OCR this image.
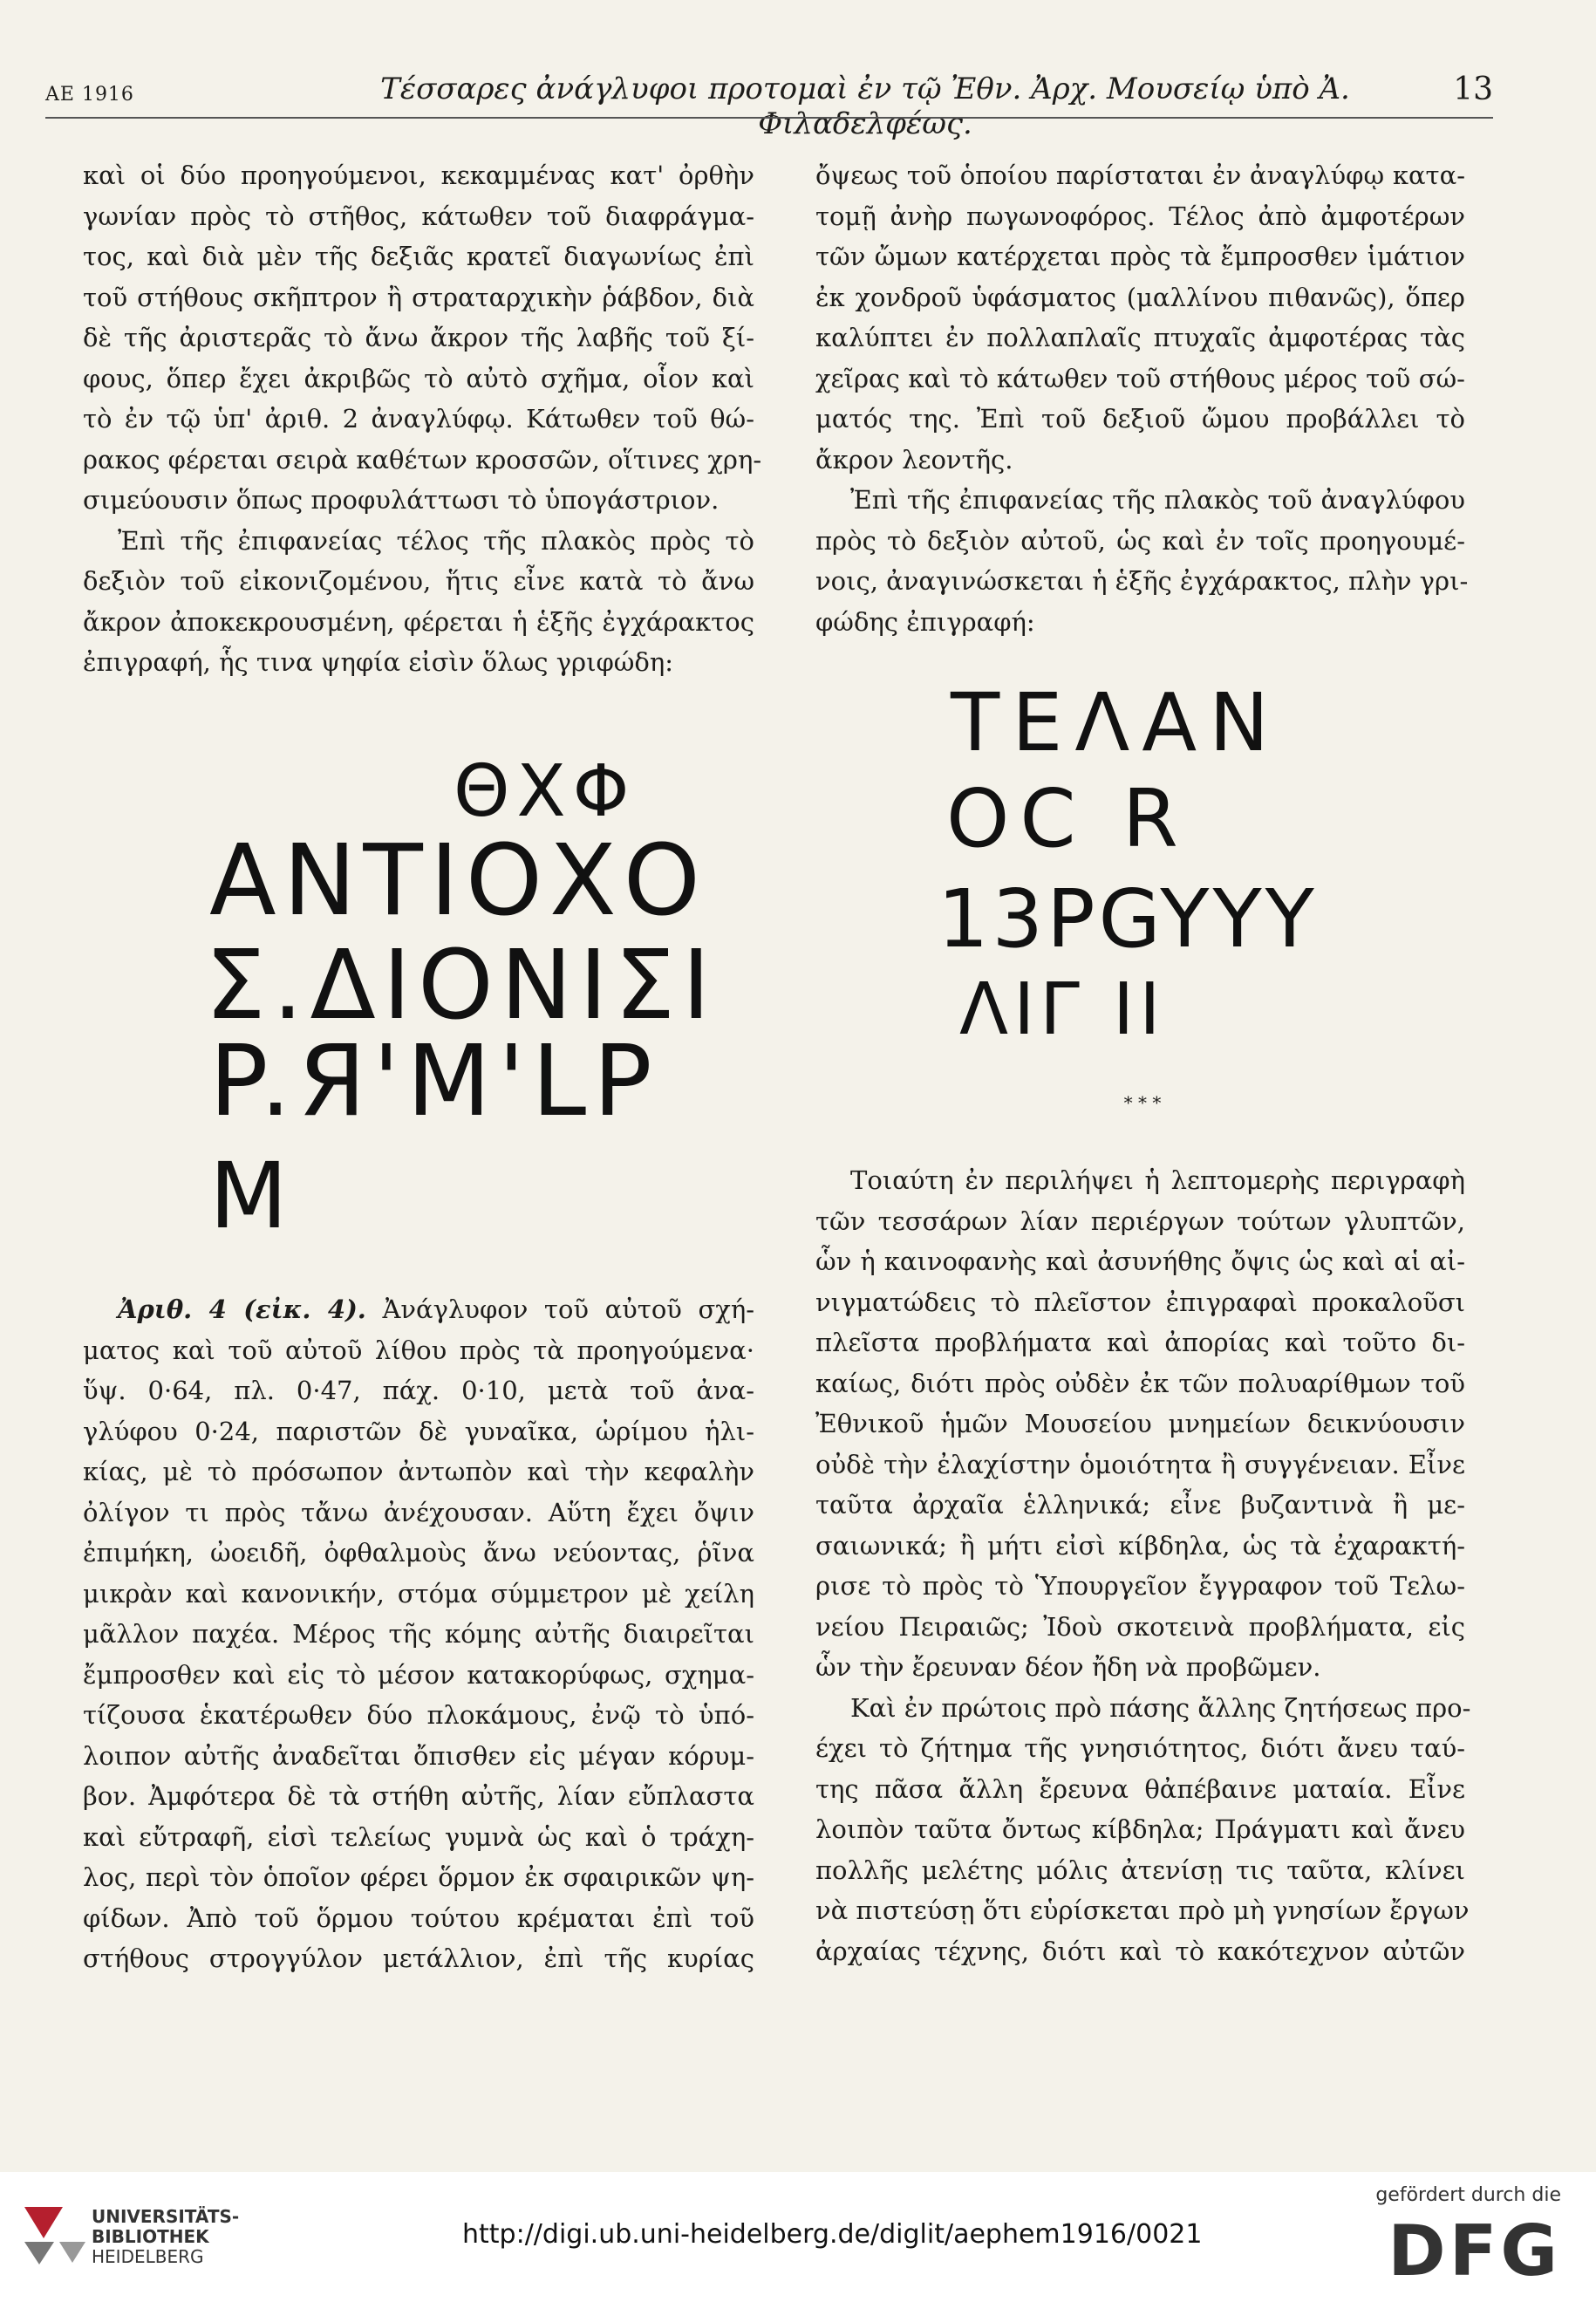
ΑΕ 1916	Τέσσαρες ἀνάγλυφοι προτομαὶ ἐν τῷ Ἐθν. Ἀρχ. Μουσείῳ ὑπὸ Ἀ. Φιλαδελφέως.
13

καὶ οἱ δύο προηγούμενοι, κεκαμμένας κατ' ὀρθὴν

γωνίαν πρὸς τὸ στῆθος, κάτωθεν τοῦ διαφράγμα-

τος, καὶ διὰ μὲν τῆς δεξιᾶς κρατεῖ διαγωνίως ἐπὶ

τοῦ στήθους σκῆπτρον ἢ στραταρχικὴν ῥάβδον, διὰ

δὲ τῆς ἀριστερᾶς τὸ ἄνω ἄκρον τῆς λαβῆς τοῦ ξί-

φους, ὅπερ ἔχει ἀκριβῶς τὸ αὐτὸ σχῆμα, οἷον καὶ

τὸ ἐν τῷ ὑπ' ἀριθ. 2 ἀναγλύφῳ. Κάτωθεν τοῦ θώ-

ρακος φέρεται σειρὰ καθέτων κροσσῶν, οἵτινες χρη-

σιμεύουσιν ὅπως προφυλάττωσι τὸ ὑπογάστριον.

Ἐπὶ τῆς ἐπιφανείας τέλος τῆς πλακὸς πρὸς τὸ

δεξιὸν τοῦ εἰκονιζομένου, ἥτις εἶνε κατὰ τὸ ἄνω

ἄκρον ἀποκεκρουσμένη, φέρεται ἡ ἑξῆς ἐγχάρακτος

ἐπιγραφή, ἧς τινα ψηφία εἰσὶν ὅλως γριφώδη:

ΘΧΦ
ΑΝΤΙΟΧΟ
Σ.ΔΙΟΝΙΣΙ
P.Я'M'LP
M

Ἀριθ. 4 (εἰκ. 4). Ἀνάγλυφον τοῦ αὐτοῦ σχή-

ματος καὶ τοῦ αὐτοῦ λίθου πρὸς τὰ προηγούμενα·

ὕψ. 0·64, πλ. 0·47, πάχ. 0·10, μετὰ τοῦ ἀνα-

γλύφου 0·24, παριστῶν δὲ γυναῖκα, ὡρίμου ἡλι-

κίας, μὲ τὸ πρόσωπον ἀντωπὸν καὶ τὴν κεφαλὴν

ὀλίγον τι πρὸς τἄνω ἀνέχουσαν. Αὕτη ἔχει ὄψιν

ἐπιμήκη, ὠοειδῆ, ὀφθαλμοὺς ἄνω νεύοντας, ῥῖνα

μικρὰν καὶ κανονικήν, στόμα σύμμετρον μὲ χείλη

μᾶλλον παχέα. Μέρος τῆς κόμης αὐτῆς διαιρεῖται

ἔμπροσθεν καὶ εἰς τὸ μέσον κατακορύφως, σχημα-

τίζουσα ἑκατέρωθεν δύο πλοκάμους, ἐνῷ τὸ ὑπό-

λοιπον αὐτῆς ἀναδεῖται ὄπισθεν εἰς μέγαν κόρυμ-

βον. Ἀμφότερα δὲ τὰ στήθη αὐτῆς, λίαν εὔπλαστα

καὶ εὔτραφῆ, εἰσὶ τελείως γυμνὰ ὡς καὶ ὁ τράχη-

λος, περὶ τὸν ὁποῖον φέρει ὅρμον ἐκ σφαιρικῶν ψη-

φίδων. Ἀπὸ τοῦ ὅρμου τούτου κρέμαται ἐπὶ τοῦ

στήθους στρογγύλον μετάλλιον, ἐπὶ τῆς κυρίας

ὄψεως τοῦ ὁποίου παρίσταται ἐν ἀναγλύφῳ κατα-

τομῇ ἀνὴρ πωγωνοφόρος. Τέλος ἀπὸ ἀμφοτέρων

τῶν ὤμων κατέρχεται πρὸς τὰ ἔμπροσθεν ἱμάτιον

ἐκ χονδροῦ ὑφάσματος (μαλλίνου πιθανῶς), ὅπερ

καλύπτει ἐν πολλαπλαῖς πτυχαῖς ἀμφοτέρας τὰς

χεῖρας καὶ τὸ κάτωθεν τοῦ στήθους μέρος τοῦ σώ-

ματός της. Ἐπὶ τοῦ δεξιοῦ ὤμου προβάλλει τὸ

ἄκρον λεοντῆς.

Ἐπὶ τῆς ἐπιφανείας τῆς πλακὸς τοῦ ἀναγλύφου

πρὸς τὸ δεξιὸν αὐτοῦ, ὡς καὶ ἐν τοῖς προηγουμέ-

νοις, ἀναγινώσκεται ἡ ἑξῆς ἐγχάρακτος, πλὴν γρι-

φώδης ἐπιγραφή:

ΤΕΛΑΝ
ΟC R
13PGYYY
ΛΙΓ ΙΙ
* * *

Τοιαύτη ἐν περιλήψει ἡ λεπτομερὴς περιγραφὴ

τῶν τεσσάρων λίαν περιέργων τούτων γλυπτῶν,

ὧν ἡ καινοφανὴς καὶ ἀσυνήθης ὄψις ὡς καὶ αἱ αἰ-

νιγματώδεις τὸ πλεῖστον ἐπιγραφαὶ προκαλοῦσι

πλεῖστα προβλήματα καὶ ἀπορίας καὶ τοῦτο δι-

καίως, διότι πρὸς οὐδὲν ἐκ τῶν πολυαρίθμων τοῦ

Ἐθνικοῦ ἡμῶν Μουσείου μνημείων δεικνύουσιν

οὐδὲ τὴν ἐλαχίστην ὁμοιότητα ἢ συγγένειαν. Εἶνε

ταῦτα ἀρχαῖα ἑλληνικά; εἶνε βυζαντινὰ ἢ με-

σαιωνικά; ἢ μήτι εἰσὶ κίβδηλα, ὡς τὰ ἐχαρακτή-

ρισε τὸ πρὸς τὸ Ὑπουργεῖον ἔγγραφον τοῦ Τελω-

νείου Πειραιῶς; Ἰδοὺ σκοτεινὰ προβλήματα, εἰς

ὧν τὴν ἔρευναν δέον ἤδη νὰ προβῶμεν.

Καὶ ἐν πρώτοις πρὸ πάσης ἄλλης ζητήσεως προ-

έχει τὸ ζήτημα τῆς γνησιότητος, διότι ἄνευ ταύ-

της πᾶσα ἄλλη ἔρευνα θἀπέβαινε ματαία. Εἶνε

λοιπὸν ταῦτα ὄντως κίβδηλα; Πράγματι καὶ ἄνευ

πολλῆς μελέτης μόλις ἀτενίσῃ τις ταῦτα, κλίνει

νὰ πιστεύσῃ ὅτι εὑρίσκεται πρὸ μὴ γνησίων ἔργων

ἀρχαίας τέχνης, διότι καὶ τὸ κακότεχνον αὐτῶν

UNIVERSITÄTS-
BIBLIOTHEK
HEIDELBERG
http://digi.ub.uni-heidelberg.de/diglit/aephem1916/0021
gefördert durch die
DFG
